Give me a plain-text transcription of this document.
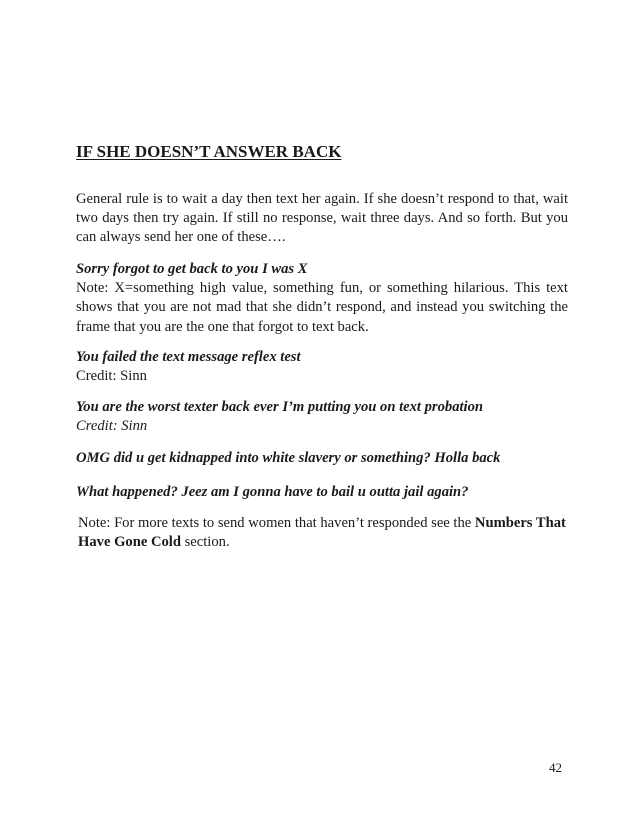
IF SHE DOESN’T ANSWER BACK
General rule is to wait a day then text her again. If she doesn’t respond to that, wait two days then try again. If still no response, wait three days. And so forth. But you can always send her one of these….
Sorry forgot to get back to you I was X
Note: X=something high value, something fun, or something hilarious. This text shows that you are not mad that she didn’t respond, and instead you switching the frame that you are the one that forgot to text back.
You failed the text message reflex test
Credit: Sinn
You are the worst texter back ever I’m putting you on text probation
Credit: Sinn
OMG did u get kidnapped into white slavery or something? Holla back
What happened? Jeez am I gonna have to bail u outta jail again?
Note: For more texts to send women that haven’t responded see the Numbers That Have Gone Cold section.
42
